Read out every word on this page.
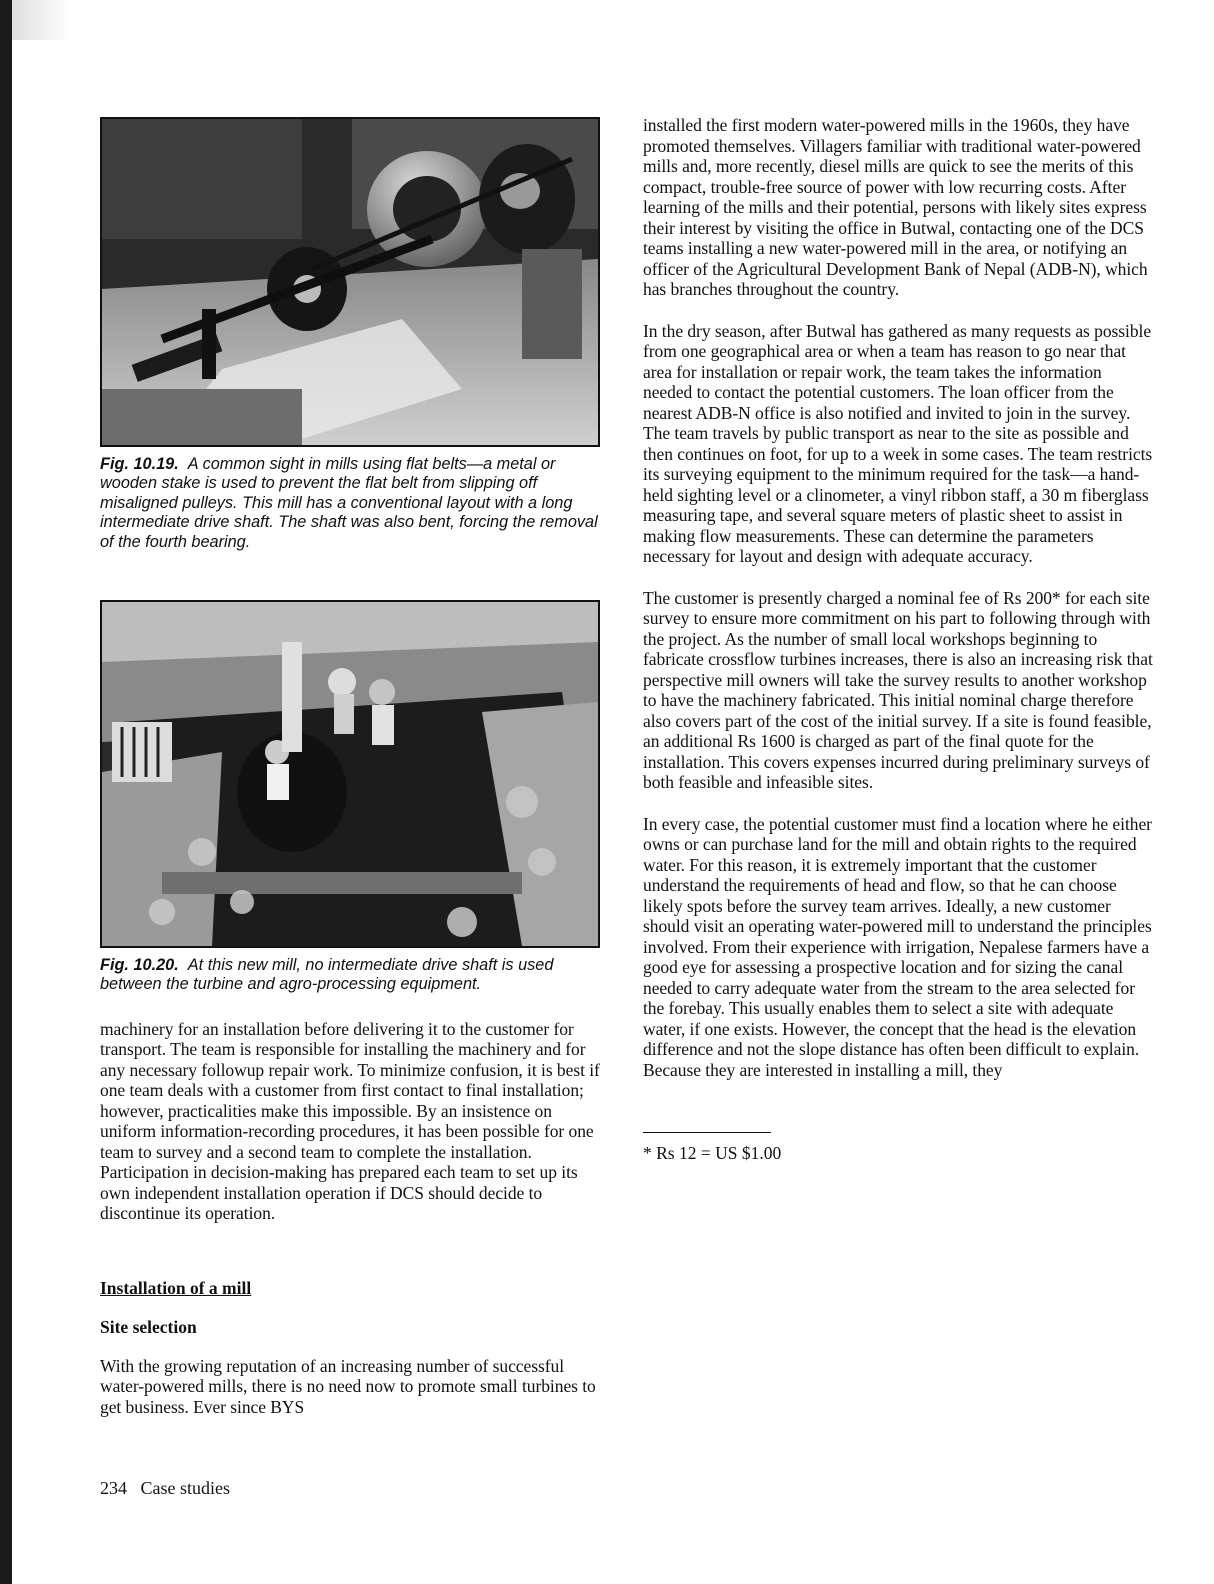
Fig. 10.19. A common sight in mills using flat belts—a metal or wooden stake is used to prevent the flat belt from slipping off misaligned pulleys. This mill has a conventional layout with a long intermediate drive shaft. The shaft was also bent, forcing the removal of the fourth bearing.

Fig. 10.20. At this new mill, no intermediate drive shaft is used between the turbine and agro-processing equipment.

machinery for an installation before delivering it to the customer for transport. The team is responsible for installing the machinery and for any necessary followup repair work. To minimize confusion, it is best if one team deals with a customer from first contact to final installation; however, practicalities make this impossible. By an insistence on uniform information-recording procedures, it has been possible for one team to survey and a second team to complete the installation. Participation in decision-making has prepared each team to set up its own independent installation operation if DCS should decide to discontinue its operation.

Installation of a mill

Site selection

With the growing reputation of an increasing number of successful water-powered mills, there is no need now to promote small turbines to get business. Ever since BYS

installed the first modern water-powered mills in the 1960s, they have promoted themselves. Villagers familiar with traditional water-powered mills and, more recently, diesel mills are quick to see the merits of this compact, trouble-free source of power with low recurring costs. After learning of the mills and their potential, persons with likely sites express their interest by visiting the office in Butwal, contacting one of the DCS teams installing a new water-powered mill in the area, or notifying an officer of the Agricultural Development Bank of Nepal (ADB-N), which has branches throughout the country.

In the dry season, after Butwal has gathered as many requests as possible from one geographical area or when a team has reason to go near that area for installation or repair work, the team takes the information needed to contact the potential customers. The loan officer from the nearest ADB-N office is also notified and invited to join in the survey. The team travels by public transport as near to the site as possible and then continues on foot, for up to a week in some cases. The team restricts its surveying equipment to the minimum required for the task—a hand-held sighting level or a clinometer, a vinyl ribbon staff, a 30 m fiberglass measuring tape, and several square meters of plastic sheet to assist in making flow measurements. These can determine the parameters necessary for layout and design with adequate accuracy.

The customer is presently charged a nominal fee of Rs 200* for each site survey to ensure more commitment on his part to following through with the project. As the number of small local workshops beginning to fabricate crossflow turbines increases, there is also an increasing risk that perspective mill owners will take the survey results to another workshop to have the machinery fabricated. This initial nominal charge therefore also covers part of the cost of the initial survey. If a site is found feasible, an additional Rs 1600 is charged as part of the final quote for the installation. This covers expenses incurred during preliminary surveys of both feasible and infeasible sites.

In every case, the potential customer must find a location where he either owns or can purchase land for the mill and obtain rights to the required water. For this reason, it is extremely important that the customer understand the requirements of head and flow, so that he can choose likely spots before the survey team arrives. Ideally, a new customer should visit an operating water-powered mill to understand the principles involved. From their experience with irrigation, Nepalese farmers have a good eye for assessing a prospective location and for sizing the canal needed to carry adequate water from the stream to the area selected for the forebay. This usually enables them to select a site with adequate water, if one exists. However, the concept that the head is the elevation difference and not the slope distance has often been difficult to explain. Because they are interested in installing a mill, they

* Rs 12 = US $1.00

234   Case studies
